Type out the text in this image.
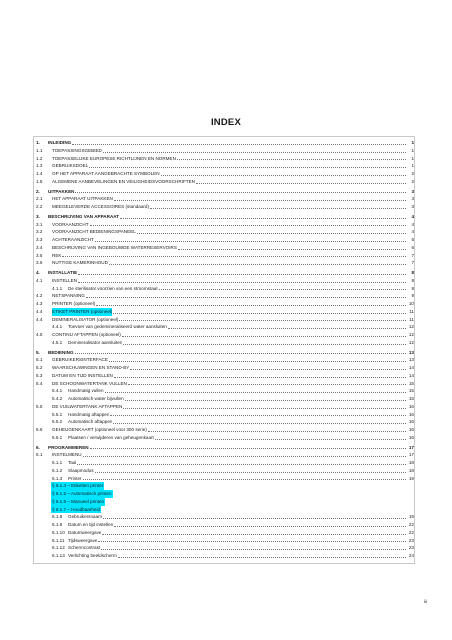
INDEX
1. INLEIDING	1
1.1 TOEPASSINGSGEBIED	1
1.2 TOEPASSELIJKE EUROPESE RICHTLIJNEN EN NORMEN	1
1.3 GEBRUIKSDOEL	1
1.4 OP HET APPARAAT AANGEBRACHTE SYMBOLEN	2
1.5 ALGEMENE AANBEVELINGEN EN VEILIGHEIDSVOORSCHRIFTEN	2
2. UITPAKKEN	3
2.1 HET APPARAAT UITPAKKEN	3
2.2 MEEGELEVERDE ACCESSOIRES (standaard)	3
3. BESCHRIJVING VAN APPARAAT	4
3.1 VOORAANZICHT	4
3.2 VOORAANZICHT BEDIENINGSPANEEL	4
3.3 ACHTERAANZICHT	5
3.4 BESCHRIJVING VAN INGEBOUWDE WATERRESERVOIRS	6
3.5 REK	7
3.6 NUTTIGE KAMERINHOUD	7
4. INSTALLATIE	8
4.1 INSTELLEN	8
4.1.1 De sterilisator voorzien van een stroomstaat	8
4.2 NETSPANNING	9
4.3 PRINTER (optioneel)	10
4.4 ETIKET PRINTER (optioneel)	11
4.4 DEMINERALISATOR (optioneel)	11
4.4.1 Toevoer van gedemineraliseerd water aansluiten	12
4.5 CONTINU AFTAPPEN (optioneel)	12
4.5.1 Demineralisator aansluiten	12
5. BEDIENING	13
5.1 GEBRUIKERSINTERFACE	13
5.2 WAARSCHUWINGEN EN STAND-BY	14
5.3 DATUM EN TIJD INSTELLEN	14
5.4 DE SCHOONWATERTANK VULLEN	15
5.4.1 Handmatig vullen	15
5.4.2 Automatisch water bijvullen	15
5.5 DE VUILWATERTANK AFTAPPEN	16
5.5.1 Handmatig aftappen	16
5.5.2 Automatisch aftappen	16
5.6 GEHEUGENKAART (optioneel voor 300 serie)	16
5.6.1 Plaatsen / verwijderen van geheugenkaart	16
6. PROGRAMMEREN	17
6.1 INSTELMENU	17
6.1.1 Taal	18
6.1.2 Slaapmodus	18
6.1.3 Printer	19
§ 6.1.4 – Etiketten printer
§ 6.1.5 – Automatisch printen
§ 6.1.6 – Manueel printen
§ 6.1.7 – Houdbaarheid
6.1.8 Gebruikersnaam	19
6.1.9 Datum en tijd instellen	22
6.1.10 Datumweergave	22
6.1.11 Tijdsweergave	23
6.1.12 Schermcontrast	23
6.1.13 Verlichting beeldscherm	24
iii
